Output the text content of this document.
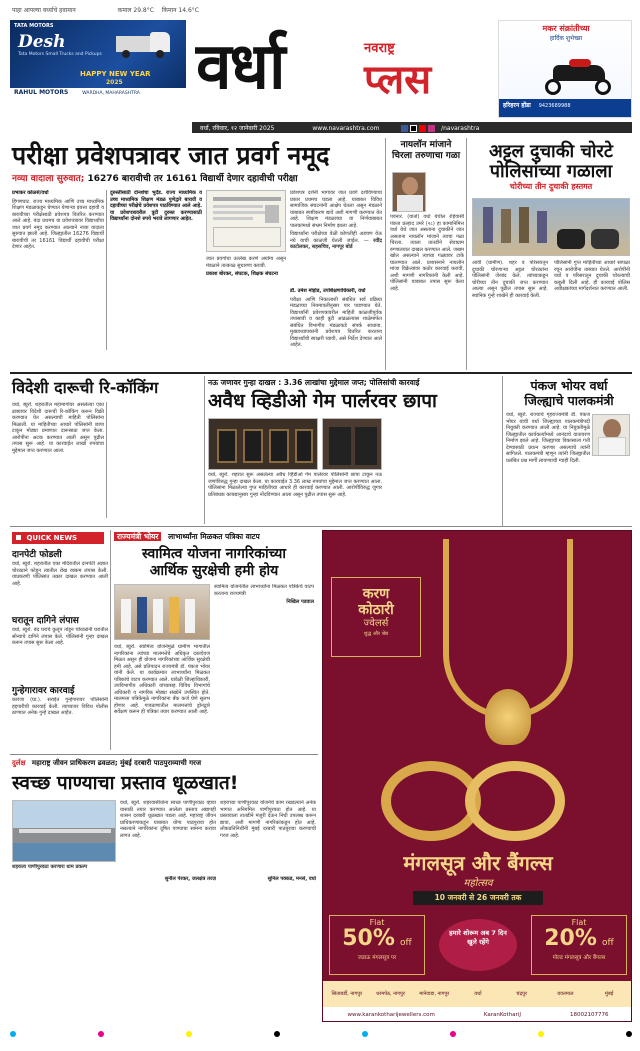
पाहा आपल्या वर्ध्याचे हवामान	कमाल 29.8°C किमान 14.6°C
TATA MOTORS
Desh
Tata Motors Small Trucks and Pickups
HAPPY NEW YEAR
2025
RAHUL MOTORS	WARDHA, MAHARASHTRA वर्धा	नवराष्ट्र
प्लस
मकर संक्रांतीच्या
हार्दिक शुभेच्छा
हरिहरन होंडा 9423689988
वर्धा, रविवार, १२ जानेवारी 2025	www.navarashtra.com	/navarashtra
परीक्षा प्रवेशपत्रावर जात प्रवर्ग नमूद
नव्या वादाला सुरुवात; 16276 बारावीची तर 16161 विद्यार्थी देणार दहावीची परीक्षा

प्रभाकर कोळसे/वर्धा

हिंगणघाट. राज्य माध्यमिक आणि उच्च माध्यमिक शिक्षण मंडळाकडून घेण्यात येणाऱ्या इयत्ता दहावी व बारावीच्या परीक्षेसाठी प्रवेशपत्र वितरित करण्यात आले आहे. यंदा प्रथमच या प्रवेशपत्रावर विद्यार्थ्यांचा जात प्रवर्ग नमूद करण्यात आल्याने नव्या वादाला सुरुवात झाली आहे. जिल्ह्यातील 16276 विद्यार्थी बारावीची तर 16161 विद्यार्थी दहावीची परीक्षा देणार आहेत.

दुरुस्तीसाठी दोनशेचा भुर्दंड. राज्य माध्यमिक व उच्च माध्यमिक शिक्षण मंडळ पुणेद्वारे बारावी व दहावीच्या परीक्षेचे प्रवेशपत्र पाठविण्यात आले आहे. या प्रवेशपत्रावरील त्रुटी दुरुस्त करण्यासाठी विद्यार्थ्यांना दोनशे रुपये भरावे लागणार आहेत.

प्रवेशपत्र दर्शनी भागावर जात प्रवर्ग दर्शविण्याचा प्रकार प्रथमच घडला आहे. याबाबत विविध सामाजिक संघटनांनी आक्षेप घेतला असून मंडळाने याबाबत स्पष्टीकरण द्यावे अशी मागणी करण्यात येत आहे. शिक्षण मंडळाच्या या निर्णयाबाबत पालकांमध्ये संभ्रम निर्माण झाला आहे.

विद्यार्थ्यांना परीक्षेच्या वेळी कोणतीही अडचण येऊ नये याची काळजी घेतली जाईल. — रवींद्र काटोलकर, सहसचिव, नागपूर बोर्ड

जात प्रवर्गाचा उल्लेख करणे अयोग्य असून मंडळाने तात्काळ सुधारणा करावी.

प्रकाश बोरकर, संघटक, शिक्षक संघटना

डॉ. उमेश मोहोड, उपशिक्षणाधिकारी, वर्धा

परीक्षा आणि निकालाशी संबंधित सर्व प्रक्रिया मंडळाच्या नियमावलीनुसार पार पाडण्यात येते. विद्यार्थ्यांनी प्रवेशपत्रावरील माहिती काळजीपूर्वक तपासावी व काही त्रुटी आढळल्यास शाळेमार्फत संबंधित विभागीय मंडळाकडे संपर्क साधावा. मुख्याध्यापकांनी प्रवेशपत्र वितरित करताना विद्यार्थ्यांची स्वाक्षरी घ्यावी, असे निर्देश देण्यात आले आहेत.

नायलॉन मांजाने चिरला तरुणाचा गळा
पवनार. (वार्ता) वर्धा येथील रहिवासी पंकज प्रल्हाद उमरे (२८) हा कामानिमित्त वर्धा येथे जात असताना दुचाकीने जात असताना नायलॉन मांजाने त्याचा गळा चिरला. त्याला तातडीने सेवाग्राम रुग्णालयात दाखल करण्यात आले. जखम खोल असल्याने त्याच्या गळ्यावर टाके घालण्यात आले. प्रशासनाने नायलॉन मांजा विक्रेत्यांवर कठोर कारवाई करावी, अशी मागणी नागरिकांनी केली आहे. पोलिसांनी याबाबत तपास सुरू केला आहे.
अट्टल दुचाकी चोरटे
पोलिसांच्या गळाला
चोरीच्या तीन दुचाकी हस्तगत
आर्वी (ग्रामीण). शहर व परिसरातून दुचाकी चोरणाऱ्या अट्टल चोरट्यांना पोलिसांनी जेरबंद केले. त्यांच्याकडून चोरीच्या तीन दुचाकी जप्त करण्यात आल्या असून पुढील तपास सुरू आहे. स्थानिक गुन्हे शाखेने ही कारवाई केली.
पोलिसांनी गुप्त माहितीच्या आधारे सापळा रचून आरोपींना ताब्यात घेतले. आरोपींनी वर्धा व परिसरातून दुचाकी चोरल्याची कबुली दिली आहे. ही कारवाई पोलिस अधीक्षकांच्या मार्गदर्शनात करण्यात आली.
विदेशी दारूची रि-कॉकिंग
वर्धा, ब्युरो. शहरातील महामार्गावर असलेल्या एका ढाब्यावर विदेशी दारूची रि-कॉकिंग करून विक्री करण्यात येत असल्याची माहिती पोलिसांना मिळाली. या माहितीच्या आधारे पोलिसांनी छापा टाकून मोठ्या प्रमाणात दारूसाठा जप्त केला. आरोपींना अटक करण्यात आली असून पुढील तपास सुरू आहे. या कारवाईत लाखो रुपयांचा मुद्देमाल जप्त करण्यात आला.
नऊ जणावर गुन्हा दाखल : 3.36 लाखांचा मुद्देमाल जप्त; पोलिसांची कारवाई
अवैध व्हिडीओ गेम पार्लरवर छापा
वर्धा, ब्युरो. शहरात सुरू असलेल्या अवैध व्हिडीओ गेम पार्लरवर पोलिसांनी छापा टाकून नऊ जणांविरुद्ध गुन्हा दाखल केला. या कारवाईत 3.36 लाख रुपयांचा मुद्देमाल जप्त करण्यात आला. पोलिसांना मिळालेल्या गुप्त माहितीच्या आधारे ही कारवाई करण्यात आली. आरोपींविरुद्ध जुगार प्रतिबंधक कायद्यानुसार गुन्हा नोंदविण्यात आला असून पुढील तपास सुरू आहे.
पंकज भोयर वर्धा
जिल्ह्याचे पालकमंत्री
वर्धा, ब्युरो. राज्याचे गृहराज्यमंत्री डॉ. पंकज भोयर यांची वर्धा जिल्ह्याच्या पालकमंत्रीपदी नियुक्ती करण्यात आली आहे. या नियुक्तीमुळे जिल्ह्यातील कार्यकर्त्यांमध्ये आनंदाचे वातावरण निर्माण झाले आहे. जिल्ह्याच्या विकासाला गती देण्यासाठी प्रयत्न करणार असल्याचे त्यांनी सांगितले. पालकमंत्री म्हणून त्यांनी जिल्ह्यातील प्रलंबित प्रश्न मार्गी लावण्याची ग्वाही दिली.
QUICK NEWS
दानपेटी फोडली
वर्धा, ब्युरो. शहरातील एका मंदिरातील दानपेटी अज्ञात चोरट्याने फोडून त्यातील रोख रक्कम लंपास केली. याप्रकरणी पोलिसांत तक्रार दाखल करण्यात आली आहे.
घरातून दागिने लंपास
वर्धा, ब्युरो. बंद घराचे कुलूप तोडून चोरट्यांनी घरातील सोन्याचे दागिने लंपास केले. पोलिसांनी गुन्हा दाखल करून तपास सुरू केला आहे.
गुन्हेगारावर कारवाई
कारंजा (घा.). सराईत गुन्हेगारावर पोलिसांनी हद्दपारीची कारवाई केली. त्याच्यावर विविध पोलीस ठाण्यात अनेक गुन्हे दाखल आहेत.
राज्यमंत्री भोयर लाभार्थ्यांना मिळकत पत्रिका वाटप
स्वामित्व योजना नागरिकांच्या
आर्थिक सुरक्षेची हमी होय

स्वामित्व योजनेतील लाभार्थ्यांना मिळकत पत्रिकेचे वाटप करताना राज्यमंत्री

निखिल पडवाल

वर्धा, ब्युरो. स्वामित्व योजनेमुळे ग्रामीण भागातील नागरिकांना त्यांच्या मालमत्तेचे अधिकृत दस्तऐवज मिळत असून ही योजना नागरिकांच्या आर्थिक सुरक्षेची हमी आहे, असे प्रतिपादन राज्यमंत्री डॉ. पंकज भोयर यांनी केले. या कार्यक्रमात लाभार्थ्यांना मिळकत पत्रिकांचे वाटप करण्यात आले. यावेळी जिल्हाधिकारी, उपविभागीय अधिकारी यांच्यासह विविध विभागांचे अधिकारी व नागरिक मोठ्या संख्येने उपस्थित होते. मालमत्ता पत्रिकेमुळे नागरिकांना बँक कर्ज घेणे सुलभ होणार आहे. गावठाणातील मालमत्तांचे ड्रोनद्वारे सर्वेक्षण करून ही पत्रिका तयार करण्यात आली आहे.
दुर्लक्ष महाराष्ट्र जीवन प्राधिकरण ढवळत; मुंबई दरबारी पाठपुराव्याची गरज
स्वच्छ पाण्याचा प्रस्ताव धूळखात!
शहराला पाणीपुरवठा करणारा धाम प्रकल्प
वर्धा, ब्युरो. शहरवासीयांना स्वच्छ पाणीपुरवठा व्हावा यासाठी तयार करण्यात आलेला प्रस्ताव अद्यापही शासन दरबारी धूळखात पडला आहे. महाराष्ट्र जीवन प्राधिकरणाकडून याबाबत योग्य पाठपुरावा होत नसल्याने नागरिकांना दूषित पाण्याचा सामना करावा लागत आहे.
शहराच्या पाणीपुरवठा योजनेचे काम रखडल्याने अनेक भागात अनियमित पाणीपुरवठा होत आहे. या प्रस्तावाला तातडीने मंजुरी देऊन निधी उपलब्ध करून द्यावा, अशी मागणी नागरिकांकडून होत आहे. लोकप्रतिनिधींनी मुंबई दरबारी पाठपुरावा करण्याची गरज आहे.

सुनील पेरकर, जलक्षेत्र तज्ज्ञ	सुनिल पक्कड, मनसे, वर्धा

करण
कोठारी
ज्वेलर्स
शुद्ध और श्रेष्ठ
मंगलसूत्र और बैंगल्स
महोत्सव
10 जनवरी से 26 जनवरी तक
Flat
50% off
जडाऊ मंगलसूत्र पर
हमारे शोरूम अब 7 दिन खुले रहेंगे
Flat
20% off
गोल्ड मंगलसूत्र और बैंगल्स
सिताबर्डी, नागपुर	धरमपेठ, नागपुर	मानेवाडा, नागपुर	वर्धा	चंद्रपुर	यवतमाल	मुंबई
www.karankotharijewellers.com	KaranKothariJ	18002107776
